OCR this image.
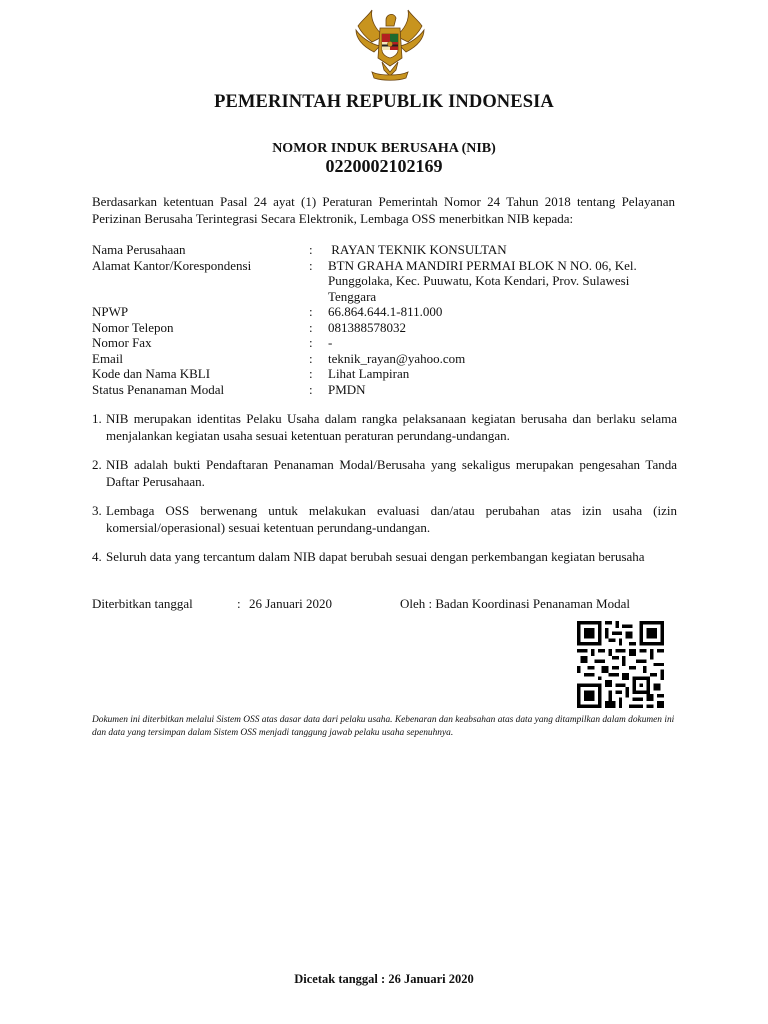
PEMERINTAH REPUBLIK INDONESIA
NOMOR INDUK BERUSAHA (NIB)
0220002102169
Berdasarkan ketentuan Pasal 24 ayat (1) Peraturan Pemerintah Nomor 24 Tahun 2018 tentang Pelayanan Perizinan Berusaha Terintegrasi Secara Elektronik, Lembaga OSS menerbitkan NIB kepada:
Nama Perusahaan	:	RAYAN TEKNIK KONSULTAN
Alamat Kantor/Korespondensi	:	BTN GRAHA MANDIRI PERMAI BLOK N NO. 06, Kel. Punggolaka, Kec. Puuwatu, Kota Kendari, Prov. Sulawesi Tenggara
NPWP	:	66.864.644.1-811.000
Nomor Telepon	:	081388578032
Nomor Fax	:	-
Email	:	teknik_rayan@yahoo.com
Kode dan Nama KBLI	:	Lihat Lampiran
Status Penanaman Modal	:	PMDN
1. NIB merupakan identitas Pelaku Usaha dalam rangka pelaksanaan kegiatan berusaha dan berlaku selama menjalankan kegiatan usaha sesuai ketentuan peraturan perundang-undangan.
2. NIB adalah bukti Pendaftaran Penanaman Modal/Berusaha yang sekaligus merupakan pengesahan Tanda Daftar Perusahaan.
3. Lembaga OSS berwenang untuk melakukan evaluasi dan/atau perubahan atas izin usaha (izin komersial/operasional) sesuai ketentuan perundang-undangan.
4. Seluruh data yang tercantum dalam NIB dapat berubah sesuai dengan perkembangan kegiatan berusaha
Diterbitkan tanggal	: 26 Januari 2020	Oleh : Badan Koordinasi Penanaman Modal
Dokumen ini diterbitkan melalui Sistem OSS atas dasar data dari pelaku usaha. Kebenaran dan keabsahan atas data yang ditampilkan dalam dokumen ini dan data yang tersimpan dalam Sistem OSS menjadi tanggung jawab pelaku usaha sepenuhnya.
Dicetak tanggal : 26 Januari 2020
